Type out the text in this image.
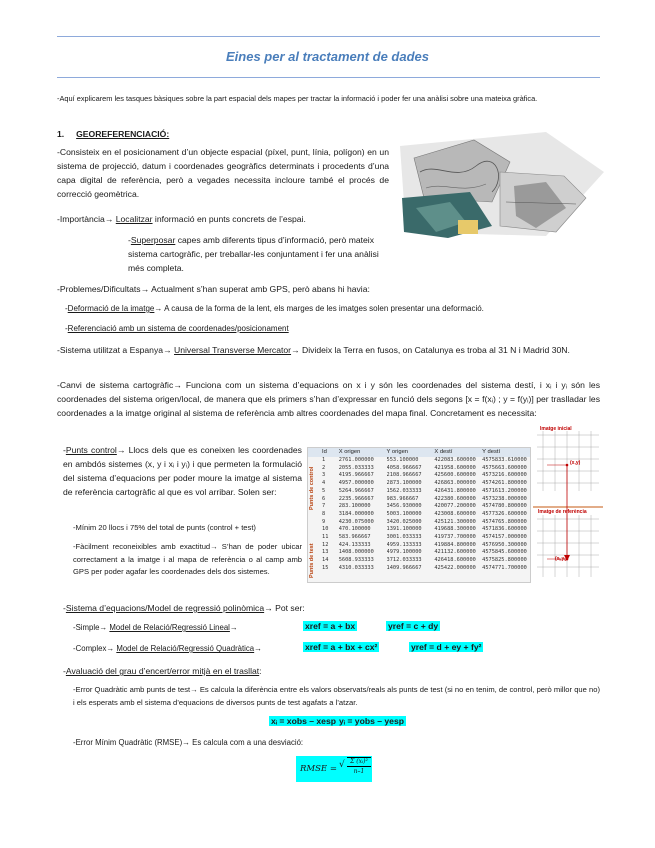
Eines per al tractament de dades
-Aquí explicarem les tasques bàsiques sobre la part espacial dels mapes per tractar la informació i poder fer una anàlisi sobre una mateixa gràfica.
1. GEOREFERENCIACIÓ:
-Consisteix en el posicionament d’un objecte espacial (píxel, punt, línia, polígon) en un sistema de projecció, datum i coordenades geogràfics determinats i procedents d’una capa digital de referència, però a vegades necessita incloure també el procés de correcció geomètrica.
-Importància→ Localitzar informació en punts concrets de l’espai.
-Superposar capes amb diferents tipus d’informació, però mateix sistema cartogràfic, per treballar-les conjuntament i fer una anàlisi més completa.
-Problemes/Dificultats→ Actualment s’han superat amb GPS, però abans hi havia:
-Deformació de la imatge→ A causa de la forma de la lent, els marges de les imatges solen presentar una deformació.
-Referenciació amb un sistema de coordenades/posicionament
-Sistema utilitzat a Espanya→ Universal Transverse Mercator→ Divideix la Terra en fusos, on Catalunya es troba al 31 N i Madrid 30N.
-Canvi de sistema cartogràfic→ Funciona com un sistema d’equacions on x i y són les coordenades del sistema destí, i xᵢ i yᵢ són les coordenades del sistema origen/local, de manera que els primers s’han d’expressar en funció dels segons [x = f(xᵢ) ; y = f(yᵢ)] per traslladar les coordenades a la imatge original al sistema de referència amb altres coordenades del mapa final. Concretament es necessita:
-Punts control→ Llocs dels que es coneixen les coordenades en ambdós sistemes (x, y i xᵢ i yᵢ) i que permeten la formulació del sistema d’equacions per poder moure la imatge al sistema de referència cartogràfic al que es vol arribar. Solen ser:
-Mínim 20 llocs i 75% del total de punts (control + test)
-Fàcilment reconeixibles amb exactitud→ S’han de poder ubicar correctament a la imatge i al mapa de referència o al camp amb GPS per poder agafar les coordenades dels dos sistemes.
Id	X origen	Y origen	X destí	Y destí
1	2761.000000	553.100000	422083.600000	4575833.610000
2	2055.033333	4058.966667	421958.600000	4575663.600000
3	4195.966667	2108.966667	425600.600000	4573216.600000
4	4957.000000	2873.100000	426863.000000	4574261.800000
5	5264.966667	1562.033333	426431.800000	4571613.200000
6	2235.966667	983.966667	422380.600000	4573238.000000
7	283.100000	3456.930000	420077.200000	4574780.800000
8	3184.000000	5003.100000	423008.600000	4577326.600000
9	4230.075000	3420.025000	425121.300000	4574765.800000
10	470.100000	1391.100000	419688.300000	4571836.600000
11	583.966667	3001.033333	419737.700000	4574157.000000
12	424.133333	4959.133333	419884.800000	4576950.300000
13	1408.000000	4979.100000	421132.600000	4575845.600000
14	5608.933333	3712.033333	426418.600000	4575825.800000
15	4310.033333	1409.966667	425422.000000	4574771.700000
Punts de control
Punts de test
Imatge inicial
Imatge de referència
(x,y)
(xᵢ,yᵢ)
-Sistema d’equacions/Model de regressió polinòmica→ Pot ser:
-Simple→ Model de Relació/Regressió Lineal→	xref = a + bx	yref = c + dy
-Complex→ Model de Relació/Regressió Quadràtica→	xref = a + bx + cx²	yref = d + ey + fy²
-Avaluació del grau d’encert/error mitjà en el trasllat:
-Error Quadràtic amb punts de test→ Es calcula la diferència entre els valors observats/reals als punts de test (si no en tenim, de control, però millor que no) i els esperats amb el sistema d’equacions de diversos punts de test agafats a l’atzar.
xᵢ = xobs – xesp yᵢ = yobs – yesp
-Error Mínim Quadràtic (RMSE)→ Es calcula com a una desviació:
RMSE = √ Σ (xᵢ)²
n–1
